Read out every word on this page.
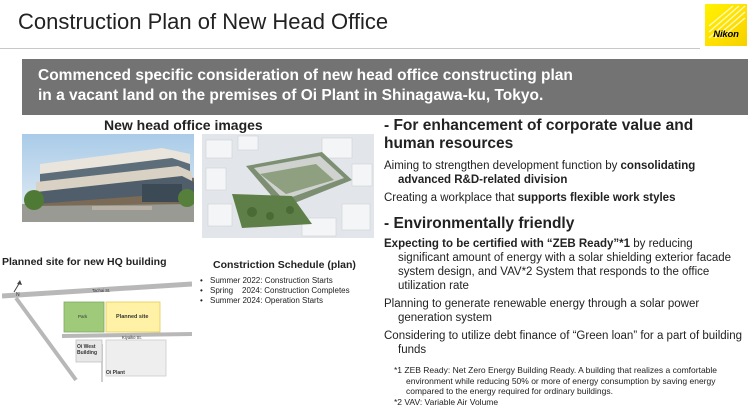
Construction Plan of New Head Office
Nikon
Commenced specific consideration of new head office constructing plan
in a vacant land on the premises of Oi Plant in Shinagawa-ku, Tokyo.
New head office images
Planned site for new HQ building	Constriction Schedule (plan)
• Summer 2022: Construction Starts
• Spring    2024: Construction Completes
• Summer 2024: Operation Starts
N
Tachai St.
Kiyaiko St.
Park	Planned site
Oi West Building
Oi Plant
- For enhancement of corporate value and
human resources

Aiming to strengthen development function by consolidating advanced R&D-related division

Creating a workplace that supports flexible work styles

- Environmentally friendly

Expecting to be certified with “ZEB Ready”*1 by reducing significant amount of energy with a solar shielding exterior facade system design, and VAV*2 System that responds to the office utilization rate

Planning to generate renewable energy through a solar power generation system

Considering to utilize debt finance of “Green loan” for a part of building funds

*1 ZEB Ready: Net Zero Energy Building Ready. A building that realizes a comfortable environment while reducing 50% or more of energy consumption by saving energy compared to the energy required for ordinary buildings.

*2 VAV: Variable Air Volume
